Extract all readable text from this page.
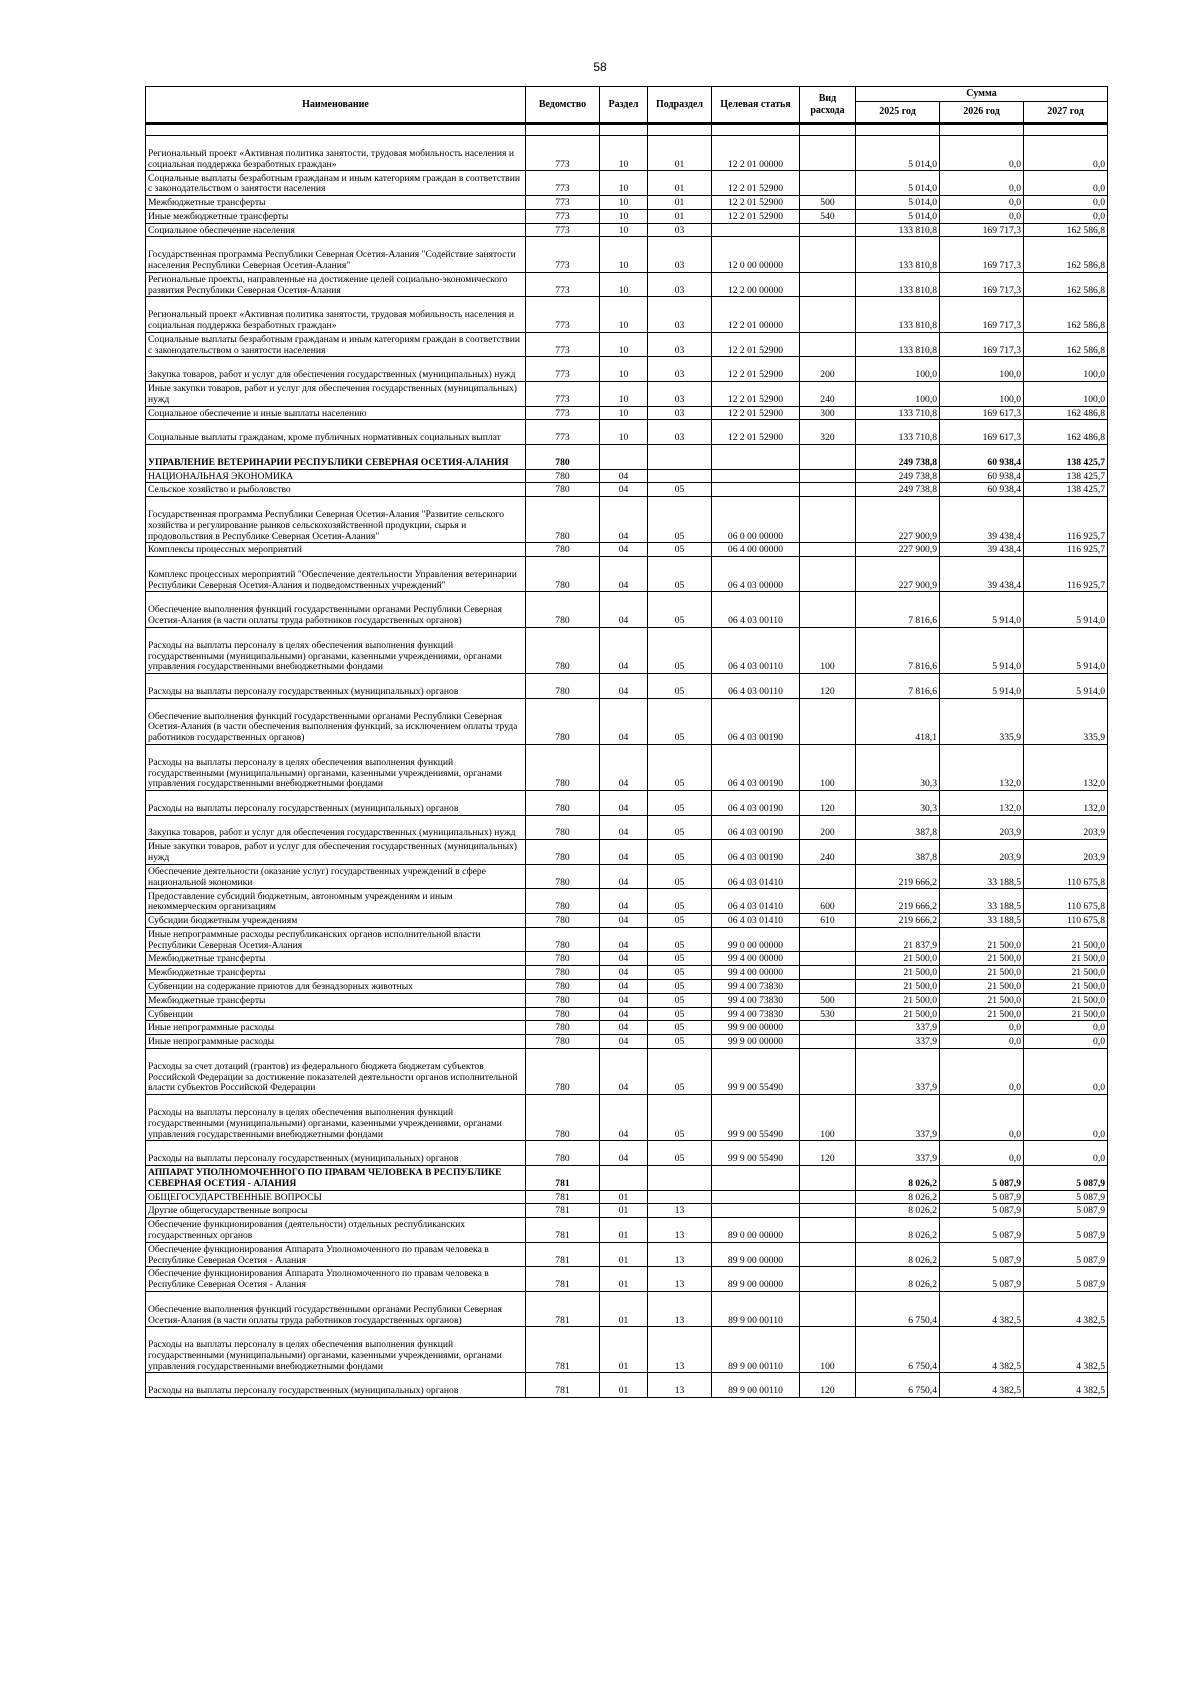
58
Наименование	Ведомство	Раздел	Подраздел	Целевая статья	Вид расхода	Сумма		
						2025 год	2026 год	2027 год

Региональный проект «Активная политика занятости, трудовая мобильность населения и социальная поддержка безработных граждан»	773	10	01	12 2 01 00000		5 014,0	0,0	0,0
Социальные выплаты безработным гражданам и иным категориям граждан в соответствии с законодательством о занятости населения	773	10	01	12 2 01 52900		5 014,0	0,0	0,0
Межбюджетные трансферты	773	10	01	12 2 01 52900	500	5 014,0	0,0	0,0
Иные межбюджетные трансферты	773	10	01	12 2 01 52900	540	5 014,0	0,0	0,0
Социальное обеспечение населения	773	10	03			133 810,8	169 717,3	162 586,8
Государственная программа Республики Северная Осетия-Алания "Содействие занятости населения Республики Северная Осетия-Алания"	773	10	03	12 0 00 00000		133 810,8	169 717,3	162 586,8
Региональные проекты, направленные на достижение целей социально-экономического развития Республики Северная Осетия-Алания	773	10	03	12 2 00 00000		133 810,8	169 717,3	162 586,8
Региональный проект «Активная политика занятости, трудовая мобильность населения и социальная поддержка безработных граждан»	773	10	03	12 2 01 00000		133 810,8	169 717,3	162 586,8
Социальные выплаты безработным гражданам и иным категориям граждан в соответствии с законодательством о занятости населения	773	10	03	12 2 01 52900		133 810,8	169 717,3	162 586,8
Закупка товаров, работ и услуг для обеспечения государственных (муниципальных) нужд	773	10	03	12 2 01 52900	200	100,0	100,0	100,0
Иные закупки товаров, работ и услуг для обеспечения государственных (муниципальных) нужд	773	10	03	12 2 01 52900	240	100,0	100,0	100,0
Социальное обеспечение и иные выплаты населению	773	10	03	12 2 01 52900	300	133 710,8	169 617,3	162 486,8
Социальные выплаты гражданам, кроме публичных нормативных социальных выплат	773	10	03	12 2 01 52900	320	133 710,8	169 617,3	162 486,8
УПРАВЛЕНИЕ ВЕТЕРИНАРИИ РЕСПУБЛИКИ СЕВЕРНАЯ ОСЕТИЯ-АЛАНИЯ	780					249 738,8	60 938,4	138 425,7
НАЦИОНАЛЬНАЯ ЭКОНОМИКА	780	04				249 738,8	60 938,4	138 425,7
Сельское хозяйство и рыболовство	780	04	05			249 738,8	60 938,4	138 425,7
Государственная программа Республики Северная Осетия-Алания "Развитие сельского хозяйства и регулирование рынков сельскохозяйственной продукции, сырья и продовольствия в Республике Северная Осетия-Алания"	780	04	05	06 0 00 00000		227 900,9	39 438,4	116 925,7
Комплексы процессных мероприятий	780	04	05	06 4 00 00000		227 900,9	39 438,4	116 925,7
Комплекс процессных мероприятий "Обеспечение деятельности Управления ветеринарии Республики Северная Осетия-Алания и подведомственных учреждений"	780	04	05	06 4 03 00000		227 900,9	39 438,4	116 925,7
Обеспечение выполнения функций государственными органами Республики Северная Осетия-Алания (в части оплаты труда работников государственных органов)	780	04	05	06 4 03 00110		7 816,6	5 914,0	5 914,0
Расходы на выплаты персоналу в целях обеспечения выполнения функций государственными (муниципальными) органами, казенными учреждениями, органами управления государственными внебюджетными фондами	780	04	05	06 4 03 00110	100	7 816,6	5 914,0	5 914,0
Расходы на выплаты персоналу государственных (муниципальных) органов	780	04	05	06 4 03 00110	120	7 816,6	5 914,0	5 914,0
Обеспечение выполнения функций государственными органами Республики Северная Осетия-Алания (в части обеспечения выполнения функций, за исключением оплаты труда работников государственных органов)	780	04	05	06 4 03 00190		418,1	335,9	335,9
Расходы на выплаты персоналу в целях обеспечения выполнения функций государственными (муниципальными) органами, казенными учреждениями, органами управления государственными внебюджетными фондами	780	04	05	06 4 03 00190	100	30,3	132,0	132,0
Расходы на выплаты персоналу государственных (муниципальных) органов	780	04	05	06 4 03 00190	120	30,3	132,0	132,0
Закупка товаров, работ и услуг для обеспечения государственных (муниципальных) нужд	780	04	05	06 4 03 00190	200	387,8	203,9	203,9
Иные закупки товаров, работ и услуг для обеспечения государственных (муниципальных) нужд	780	04	05	06 4 03 00190	240	387,8	203,9	203,9
Обеспечение деятельности (оказание услуг) государственных учреждений в сфере национальной экономики	780	04	05	06 4 03 01410		219 666,2	33 188,5	110 675,8
Предоставление субсидий бюджетным, автономным учреждениям и иным некоммерческим организациям	780	04	05	06 4 03 01410	600	219 666,2	33 188,5	110 675,8
Субсидии бюджетным учреждениям	780	04	05	06 4 03 01410	610	219 666,2	33 188,5	110 675,8
Иные непрограммные расходы республиканских органов исполнительной власти Республики Северная Осетия-Алания	780	04	05	99 0 00 00000		21 837,9	21 500,0	21 500,0
Межбюджетные трансферты	780	04	05	99 4 00 00000		21 500,0	21 500,0	21 500,0
Межбюджетные трансферты	780	04	05	99 4 00 00000		21 500,0	21 500,0	21 500,0
Субвенции на содержание приютов для безнадзорных животных	780	04	05	99 4 00 73830		21 500,0	21 500,0	21 500,0
Межбюджетные трансферты	780	04	05	99 4 00 73830	500	21 500,0	21 500,0	21 500,0
Субвенции	780	04	05	99 4 00 73830	530	21 500,0	21 500,0	21 500,0
Иные непрограммные расходы	780	04	05	99 9 00 00000		337,9	0,0	0,0
Иные непрограммные расходы	780	04	05	99 9 00 00000		337,9	0,0	0,0
Расходы за счет дотаций (грантов) из федерального бюджета бюджетам субъектов Российской Федерации за достижение показателей деятельности органов исполнительной власти субъектов Российской Федерации	780	04	05	99 9 00 55490		337,9	0,0	0,0
Расходы на выплаты персоналу в целях обеспечения выполнения функций государственными (муниципальными) органами, казенными учреждениями, органами управления государственными внебюджетными фондами	780	04	05	99 9 00 55490	100	337,9	0,0	0,0
Расходы на выплаты персоналу государственных (муниципальных) органов	780	04	05	99 9 00 55490	120	337,9	0,0	0,0
АППАРАТ УПОЛНОМОЧЕННОГО ПО ПРАВАМ ЧЕЛОВЕКА В РЕСПУБЛИКЕ СЕВЕРНАЯ ОСЕТИЯ - АЛАНИЯ	781					8 026,2	5 087,9	5 087,9
ОБЩЕГОСУДАРСТВЕННЫЕ ВОПРОСЫ	781	01				8 026,2	5 087,9	5 087,9
Другие общегосударственные вопросы	781	01	13			8 026,2	5 087,9	5 087,9
Обеспечение функционирования (деятельности) отдельных республиканских государственных органов	781	01	13	89 0 00 00000		8 026,2	5 087,9	5 087,9
Обеспечение функционирования Аппарата Уполномоченного по правам человека в Республике Северная Осетия - Алания	781	01	13	89 9 00 00000		8 026,2	5 087,9	5 087,9
Обеспечение функционирования Аппарата Уполномоченного по правам человека в Республике Северная Осетия - Алания	781	01	13	89 9 00 00000		8 026,2	5 087,9	5 087,9
Обеспечение выполнения функций государственными органами Республики Северная Осетия-Алания (в части оплаты труда работников государственных органов)	781	01	13	89 9 00 00110		6 750,4	4 382,5	4 382,5
Расходы на выплаты персоналу в целях обеспечения выполнения функций государственными (муниципальными) органами, казенными учреждениями, органами управления государственными внебюджетными фондами	781	01	13	89 9 00 00110	100	6 750,4	4 382,5	4 382,5
Расходы на выплаты персоналу государственных (муниципальных) органов	781	01	13	89 9 00 00110	120	6 750,4	4 382,5	4 382,5
